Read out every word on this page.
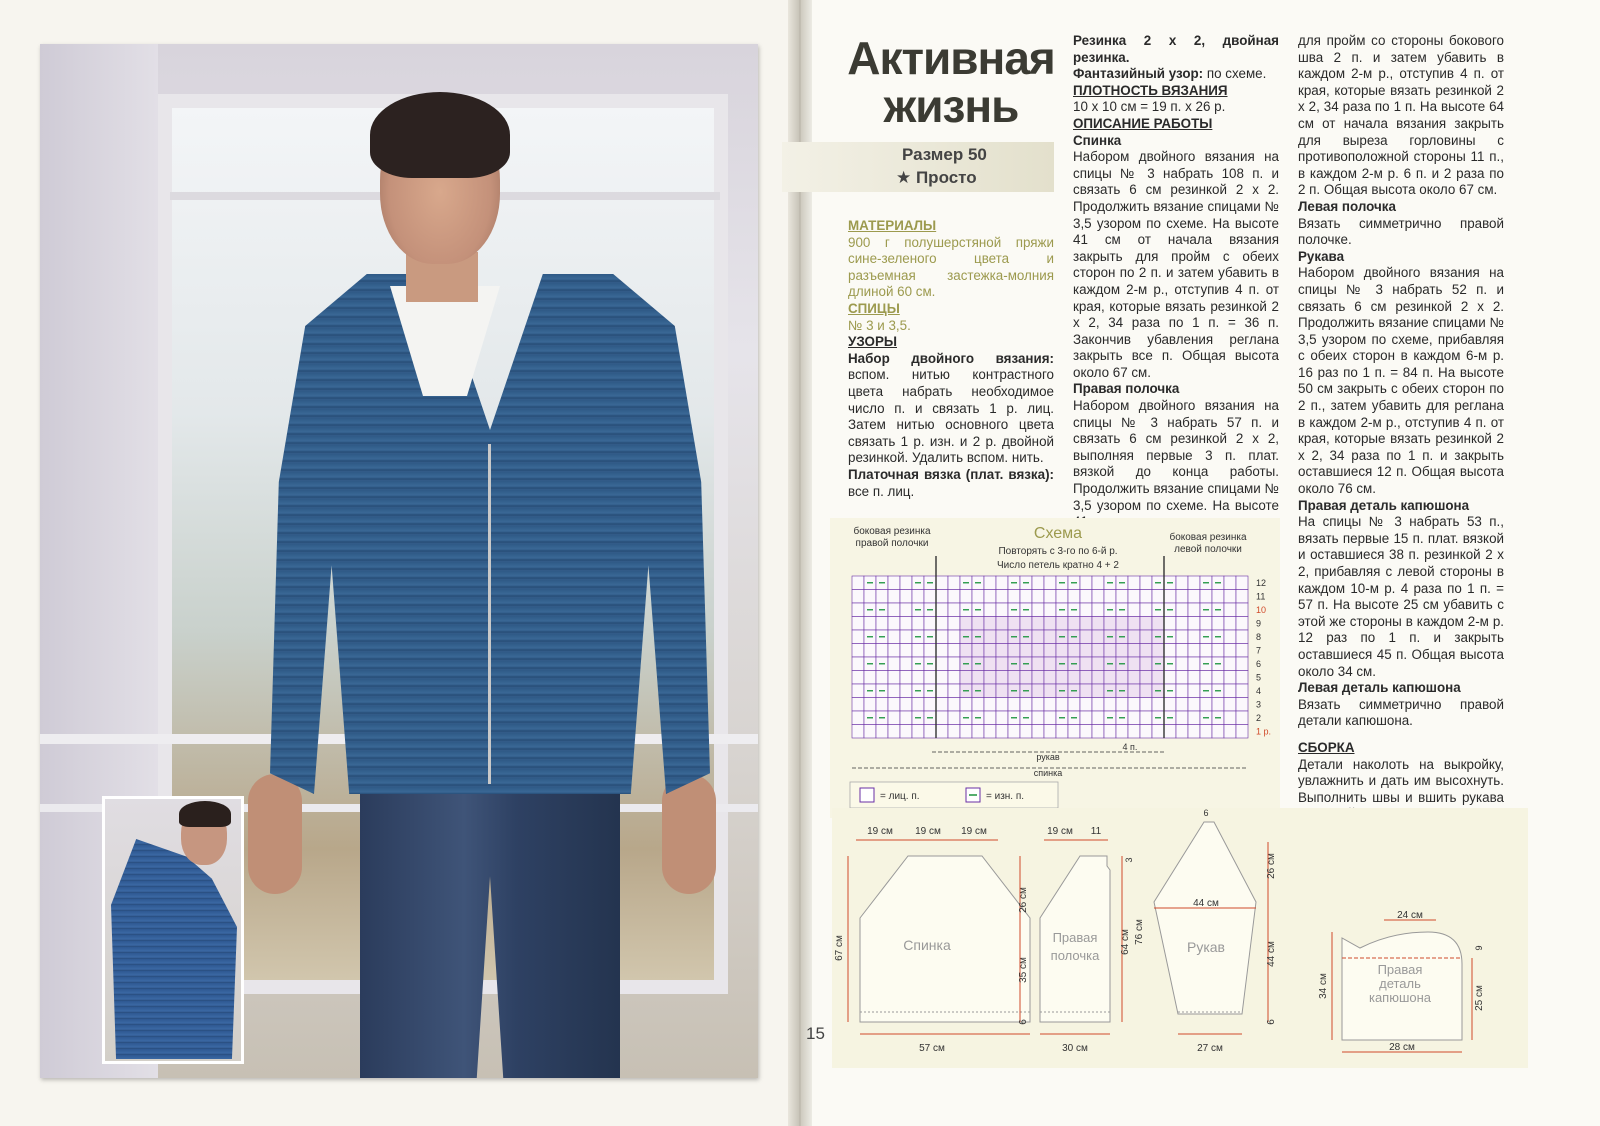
15
Активная
жизнь
Размер 50
★ Просто

МАТЕРИАЛЫ

900 г полушерстяной пряжи сине-зеленого цвета и разъемная застежка-молния длиной 60 см.

СПИЦЫ

№ 3 и 3,5.

УЗОРЫ

Набор двойного вязания: вспом. нитью контрастного цвета набрать необходимое число п. и связать 1 р. лиц. Затем нитью основного цвета связать 1 р. изн. и 2 р. двойной резинкой. Удалить вспом. нить.

Платочная вязка (плат. вязка): все п. лиц.

Резинка 2 х 2, двойная резинка.

Фантазийный узор: по схеме.

ПЛОТНОСТЬ ВЯЗАНИЯ

10 х 10 см = 19 п. х 26 р.

ОПИСАНИЕ РАБОТЫ

Спинка

Набором двойного вязания на спицы № 3 набрать 108 п. и связать 6 см резинкой 2 х 2. Продолжить вязание спицами № 3,5 узором по схеме. На высоте 41 см от начала вязания закрыть для пройм с обеих сторон по 2 п. и затем убавить в каждом 2-м р., отступив 4 п. от края, которые вязать резинкой 2 х 2, 34 раза по 1 п. = 36 п. Закончив убавления реглана закрыть все п. Общая высота около 67 см.

Правая полочка

Набором двойного вязания на спицы № 3 набрать 57 п. и связать 6 см резинкой 2 х 2, выполняя первые 3 п. плат. вязкой до конца работы. Продолжить вязание спицами № 3,5 узором по схеме. На высоте

для пройм со стороны бокового шва 2 п. и затем убавить в каждом 2-м р., отступив 4 п. от края, которые вязать резинкой 2 х 2, 34 раза по 1 п. На высоте 64 см от начала вязания закрыть для выреза горловины с противоположной стороны 11 п., в каждом 2-м р. 6 п. и 2 раза по 2 п. Общая высота около 67 см.

Левая полочка

Вязать симметрично правой полочке.

Рукава

Набором двойного вязания на спицы № 3 набрать 52 п. и связать 6 см резинкой 2 х 2. Продолжить вязание спицами № 3,5 узором по схеме, прибавляя с обеих сторон в каждом 6-м р. 16 раз по 1 п. = 84 п. На высоте 50 см закрыть с обеих сторон по 2 п., затем убавить для реглана в каждом 2-м р., отступив 4 п. от края, которые вязать резинкой 2 х 2, 34 раза по 1 п. и закрыть оставшиеся 12 п. Общая высота около 76 см.

Правая деталь капюшона

На спицы № 3 набрать 53 п., вязать первые 15 п. плат. вязкой и оставшиеся 38 п. резинкой 2 х 2, прибавляя с левой стороны в каждом 10-м р. 4 раза по 1 п. = 57 п. На высоте 25 см убавить с этой же стороны в каждом 2-м р. 12 раз по 1 п. и закрыть оставшиеся 45 п. Общая высота около 34 см.

Левая деталь капюшона

Вязать симметрично правой детали капюшона.

СБОРКА

Детали наколоть на выкройку, увлажнить и дать им высохнуть. Выполнить швы и вшить рукава

Схема
Повторять с 3-го по 6-й р.
Число петель кратно 4 + 2
боковая резинка
правой полочки
боковая резинка
левой полочки
12
11
10
9
8
7
6
5
4
3
2
1 р.
рукав
4 п.
спинка
= лиц. п.	= изн. п.
Спинка
19 см 19 см 19 см
57 см
67 см	Правая
полочка
19 см 11
30 см
26 см
35 см
6
64 см 76 см
3
Рукав
6
44 см
27 см
26 см
44 см
6
Правая
деталь
капюшона
24 см
28 см
34 см	25 см
9
